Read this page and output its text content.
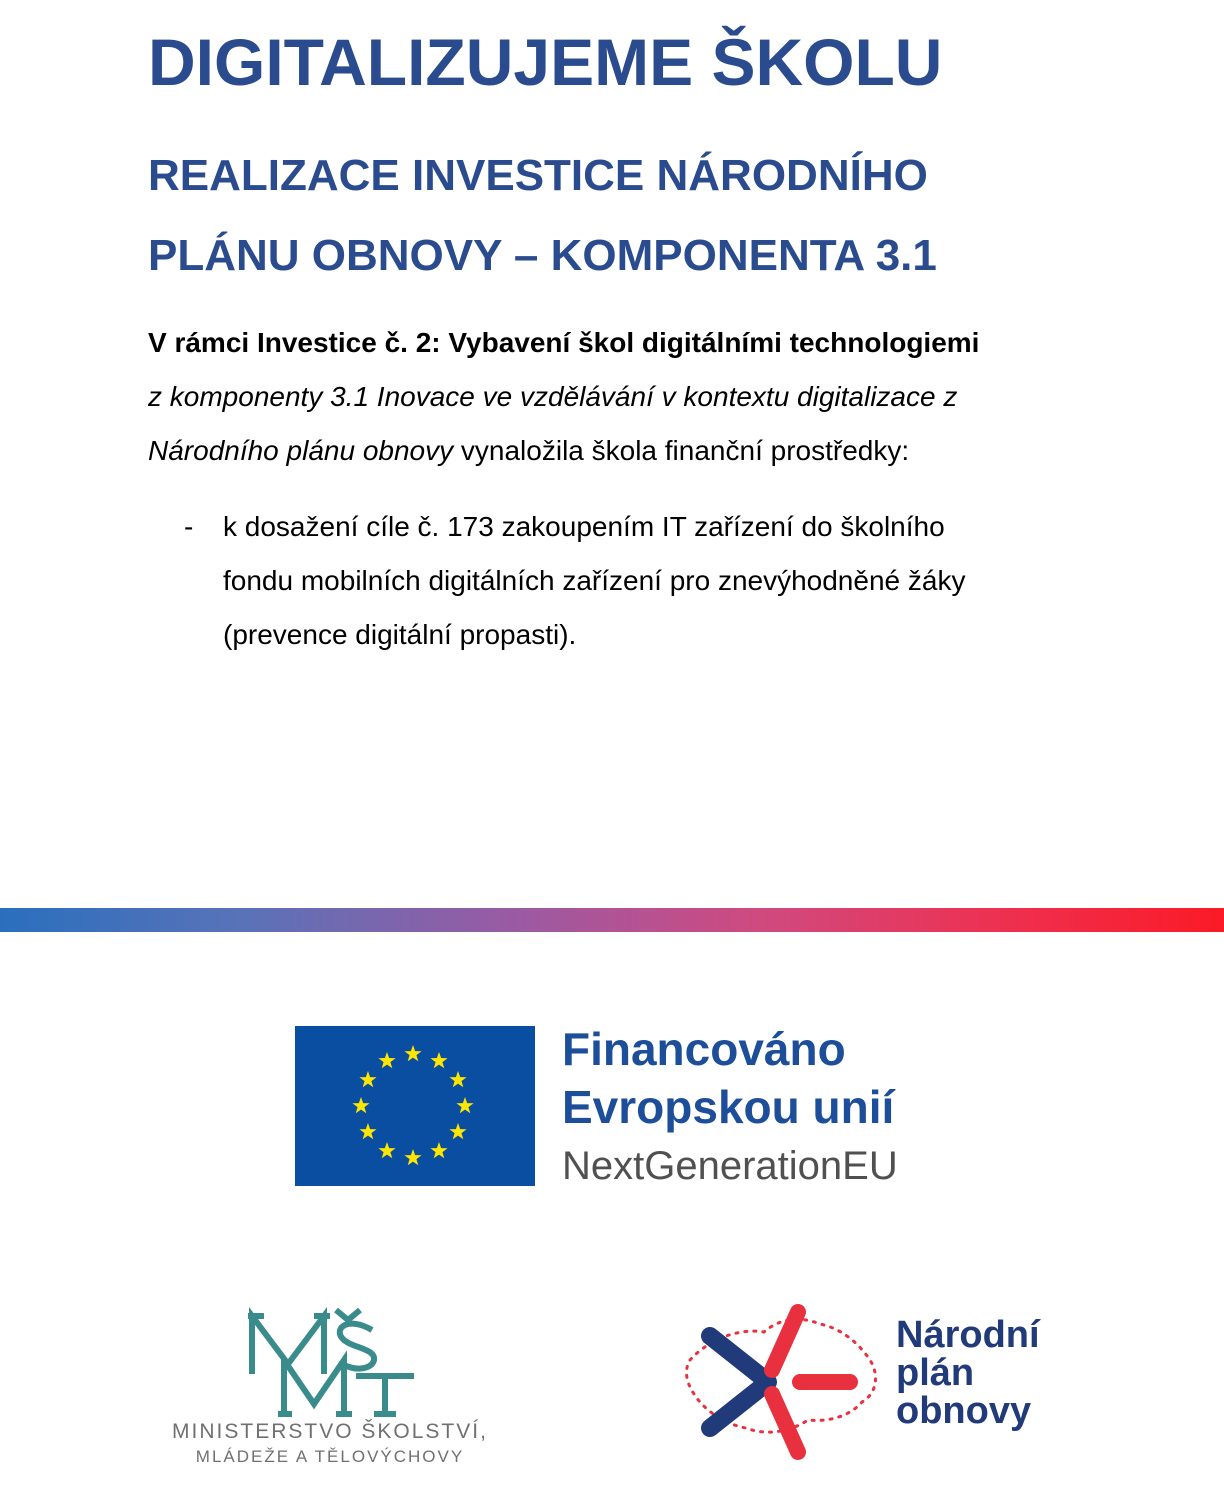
DIGITALIZUJEME ŠKOLU
REALIZACE INVESTICE NÁRODNÍHO
PLÁNU OBNOVY – KOMPONENTA 3.1
V rámci Investice č. 2: Vybavení škol digitálními technologiemi
z komponenty 3.1 Inovace ve vzdělávání v kontextu digitalizace z
Národního plánu obnovy vynaložila škola finanční prostředky:
- k dosažení cíle č. 173 zakoupením IT zařízení do školního
fondu mobilních digitálních zařízení pro znevýhodněné žáky
(prevence digitální propasti).
Financováno
Evropskou unií
NextGenerationEU
MINISTERSTVO ŠKOLSTVÍ,
MLÁDEŽE A TĚLOVÝCHOVY
Národní
plán
obnovy
